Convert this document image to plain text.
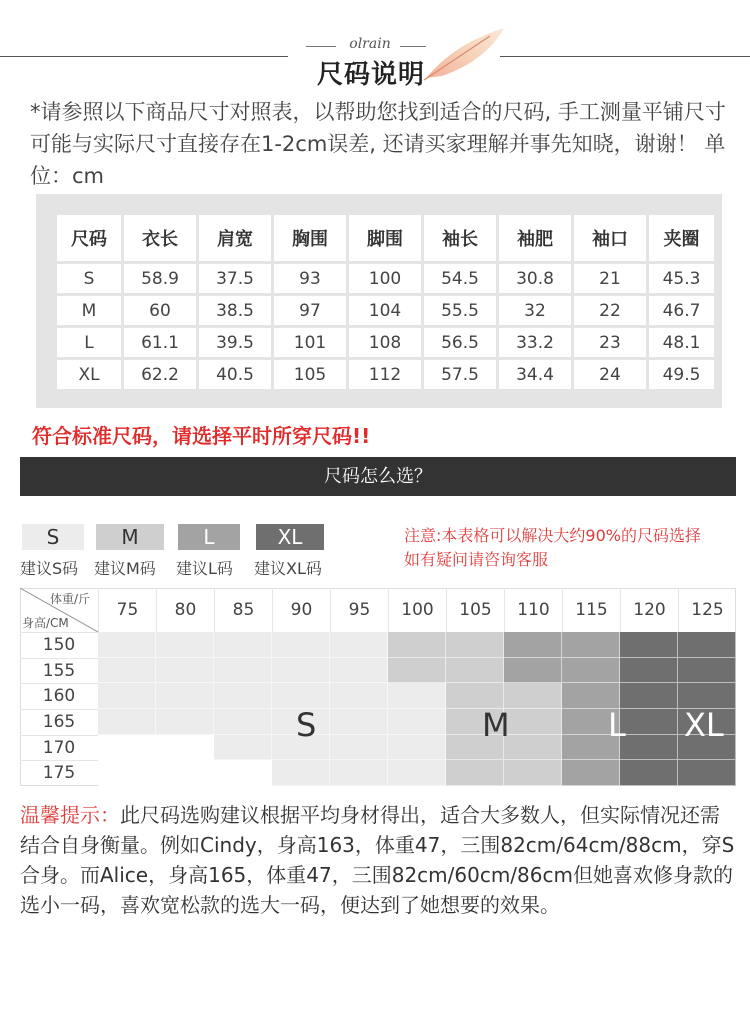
olrain
尺码说明
*请参照以下商品尺寸对照表，以帮助您找到适合的尺码, 手工测量平铺尺寸可能与实际尺寸直接存在1-2cm误差, 还请买家理解并事先知晓，谢谢！ 单位：cm
尺码	衣长	肩宽	胸围	脚围	袖长	袖肥	袖口	夹圈
S	58.9	37.5	93	100	54.5	30.8	21	45.3
M	60	38.5	97	104	55.5	32	22	46.7
L	61.1	39.5	101	108	56.5	33.2	23	48.1
XL	62.2	40.5	105	112	57.5	34.4	24	49.5
符合标准尺码，请选择平时所穿尺码!!
尺码怎么选？
S
建议S码
M
建议M码
L
建议L码
XL
建议XL码
注意:本表格可以解决大约90%的尺码选择
如有疑问请咨询客服
75	80	85	90	95	100	105	110	115	120	125
150
155
160
165
170
175
体重/斤
身高/CM
S	M	L XL
温馨提示：此尺码选购建议根据平均身材得出，适合大多数人，但实际情况还需结合自身衡量。例如Cindy，身高163，体重47，三围82cm/64cm/88cm，穿S合身。而Alice，身高165，体重47，三围82cm/60cm/86cm但她喜欢修身款的选小一码，喜欢宽松款的选大一码，便达到了她想要的效果。
